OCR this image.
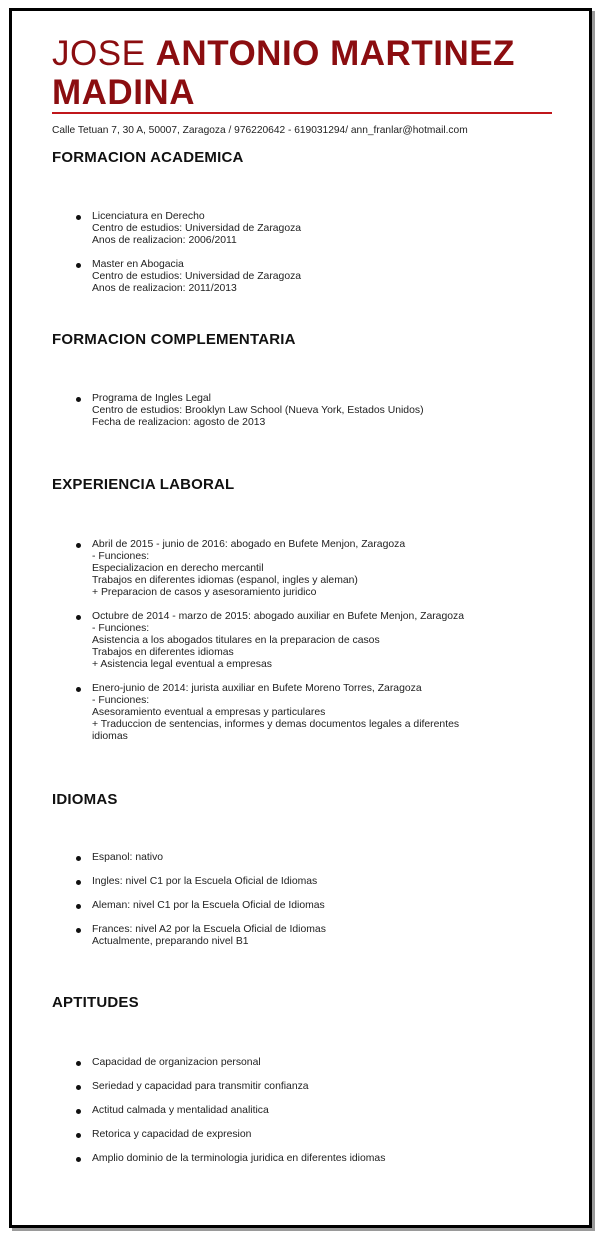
JOSE ANTONIO MARTINEZ
MADINA
Calle Tetuan 7, 30 A, 50007, Zaragoza / 976220642 - 619031294/ ann_franlar@hotmail.com
FORMACION ACADEMICA
Licenciatura en Derecho
Centro de estudios: Universidad de Zaragoza
Anos de realizacion: 2006/2011
Master en Abogacia
Centro de estudios: Universidad de Zaragoza
Anos de realizacion: 2011/2013
FORMACION COMPLEMENTARIA
Programa de Ingles Legal
Centro de estudios: Brooklyn Law School (Nueva York, Estados Unidos)
Fecha de realizacion: agosto de 2013
EXPERIENCIA LABORAL
Abril de 2015 - junio de 2016: abogado en Bufete Menjon, Zaragoza
- Funciones:
Especializacion en derecho mercantil
Trabajos en diferentes idiomas (espanol, ingles y aleman)
+ Preparacion de casos y asesoramiento juridico
Octubre de 2014 - marzo de 2015: abogado auxiliar en Bufete Menjon, Zaragoza
- Funciones:
Asistencia a los abogados titulares en la preparacion de casos
Trabajos en diferentes idiomas
+ Asistencia legal eventual a empresas
Enero-junio de 2014: jurista auxiliar en Bufete Moreno Torres, Zaragoza
- Funciones:
Asesoramiento eventual a empresas y particulares
+ Traduccion de sentencias, informes y demas documentos legales a diferentes
idiomas
IDIOMAS
Espanol: nativo
Ingles: nivel C1 por la Escuela Oficial de Idiomas
Aleman: nivel C1 por la Escuela Oficial de Idiomas
Frances: nivel A2 por la Escuela Oficial de Idiomas
Actualmente, preparando nivel B1
APTITUDES
Capacidad de organizacion personal
Seriedad y capacidad para transmitir confianza
Actitud calmada y mentalidad analitica
Retorica y capacidad de expresion
Amplio dominio de la terminologia juridica en diferentes idiomas
